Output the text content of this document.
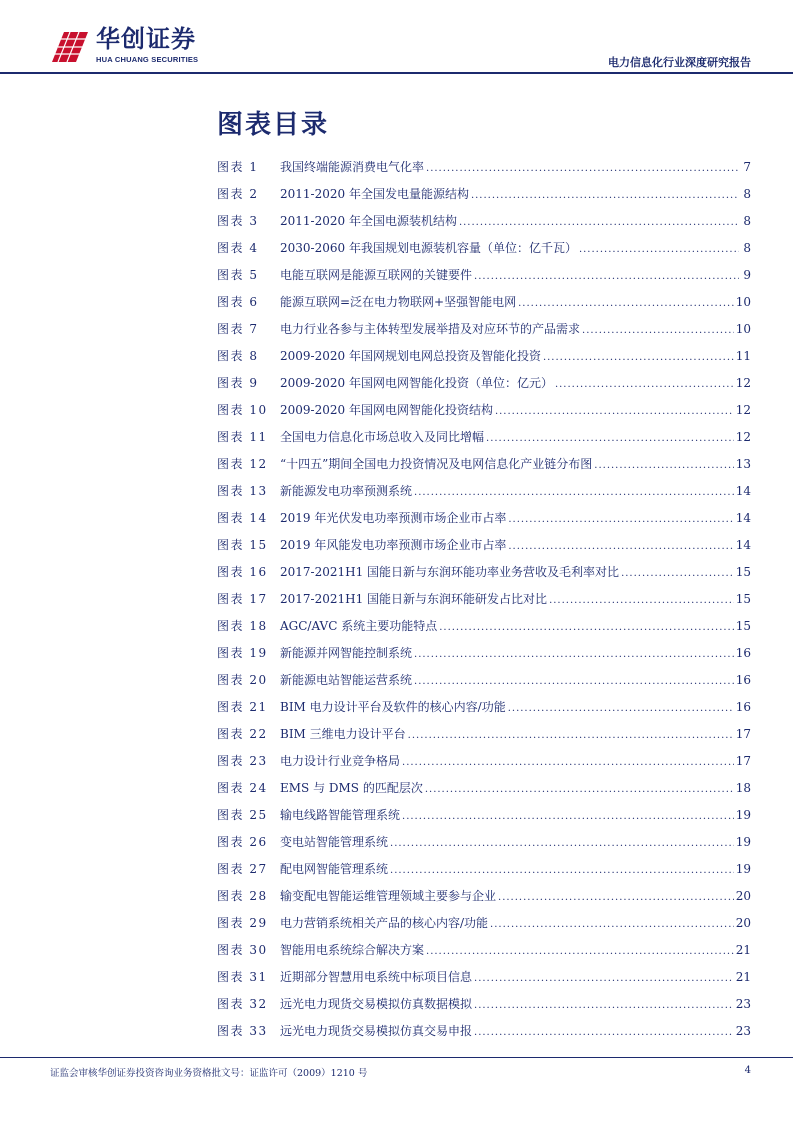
华创证券
HUA CHUANG SECURITIES	电力信息化行业深度研究报告
图表目录
图表 1	我国终端能源消费电气化率 .....	7
图表 2	2011-2020 年全国发电量能源结构 .....	8
图表 3	2011-2020 年全国电源装机结构 .....	8
图表 4	2030-2060 年我国规划电源装机容量（单位：亿千瓦） .....	8
图表 5	电能互联网是能源互联网的关键要件 .....	9
图表 6	能源互联网=泛在电力物联网+坚强智能电网 .....	10
图表 7	电力行业各参与主体转型发展举措及对应环节的产品需求 .....	10
图表 8	2009-2020 年国网规划电网总投资及智能化投资 .....	11
图表 9	2009-2020 年国网电网智能化投资（单位：亿元） .....	12
图表 10	2009-2020 年国网电网智能化投资结构 .....	12
图表 11	全国电力信息化市场总收入及同比增幅 .....	12
图表 12	“十四五”期间全国电力投资情况及电网信息化产业链分布图 .....	13
图表 13	新能源发电功率预测系统 .....	14
图表 14	2019 年光伏发电功率预测市场企业市占率 .....	14
图表 15	2019 年风能发电功率预测市场企业市占率 .....	14
图表 16	2017-2021H1 国能日新与东润环能功率业务营收及毛利率对比 .....	15
图表 17	2017-2021H1 国能日新与东润环能研发占比对比 .....	15
图表 18	AGC/AVC 系统主要功能特点 .....	15
图表 19	新能源并网智能控制系统 .....	16
图表 20	新能源电站智能运营系统 .....	16
图表 21	BIM 电力设计平台及软件的核心内容/功能 .....	16
图表 22	BIM 三维电力设计平台 .....	17
图表 23	电力设计行业竞争格局 .....	17
图表 24	EMS 与 DMS 的匹配层次 .....	18
图表 25	输电线路智能管理系统 .....	19
图表 26	变电站智能管理系统 .....	19
图表 27	配电网智能管理系统 .....	19
图表 28	输变配电智能运维管理领域主要参与企业 .....	20
图表 29	电力营销系统相关产品的核心内容/功能 .....	20
图表 30	智能用电系统综合解决方案 .....	21
图表 31	近期部分智慧用电系统中标项目信息 .....	21
图表 32	远光电力现货交易模拟仿真数据模拟 .....	23
图表 33	远光电力现货交易模拟仿真交易申报 .....	23
证监会审核华创证券投资咨询业务资格批文号：证监许可（2009）1210 号	4
